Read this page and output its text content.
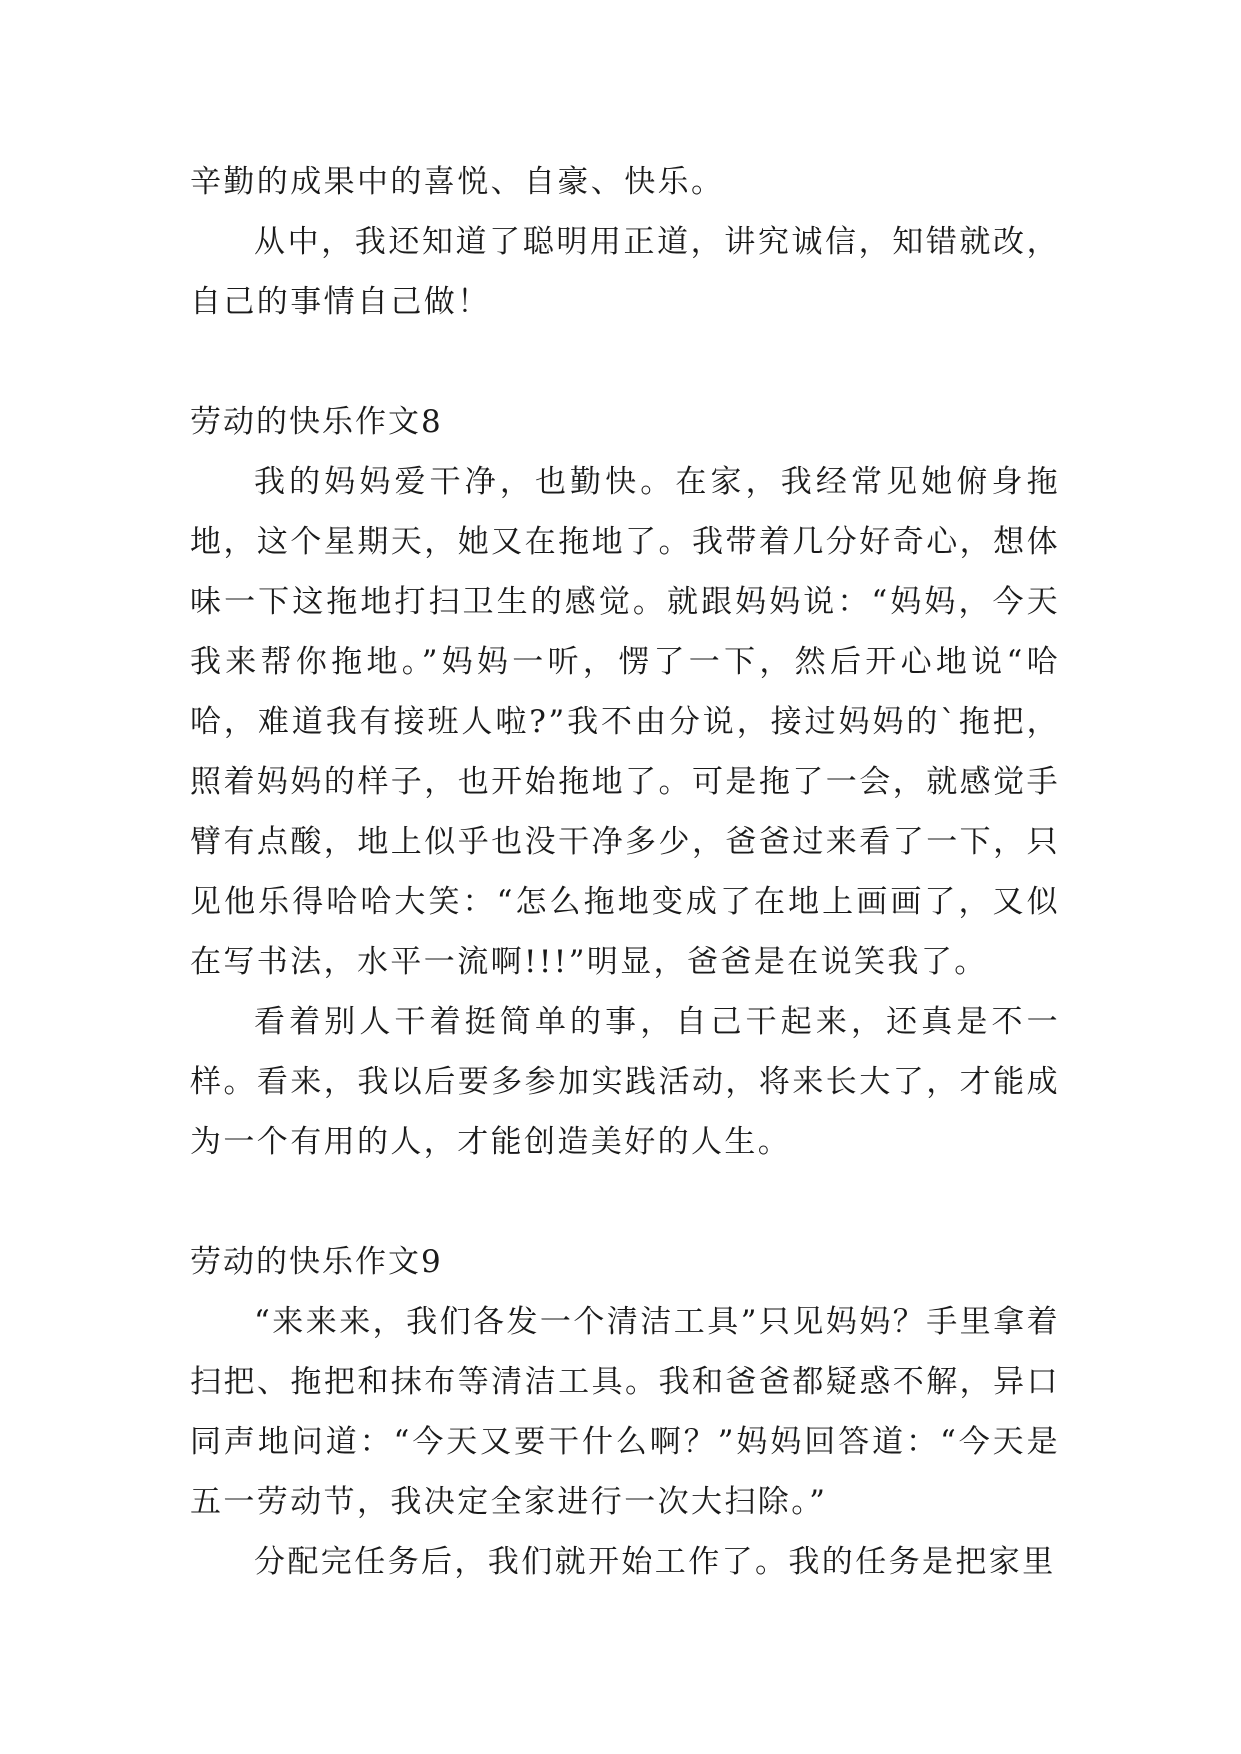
辛勤的成果中的喜悦、自豪、快乐。

从中，我还知道了聪明用正道，讲究诚信，知错就改，自己的事情自己做！

劳动的快乐作文8

我的妈妈爱干净，也勤快。在家，我经常见她俯身拖地，这个星期天，她又在拖地了。我带着几分好奇心，想体味一下这拖地打扫卫生的感觉。就跟妈妈说：“妈妈，今天我来帮你拖地。”妈妈一听，愣了一下，然后开心地说“哈哈，难道我有接班人啦?”我不由分说，接过妈妈的`拖把，照着妈妈的样子，也开始拖地了。可是拖了一会，就感觉手臂有点酸，地上似乎也没干净多少，爸爸过来看了一下，只见他乐得哈哈大笑：“怎么拖地变成了在地上画画了，又似在写书法，水平一流啊!!!”明显，爸爸是在说笑我了。

看着别人干着挺简单的事，自己干起来，还真是不一样。看来，我以后要多参加实践活动，将来长大了，才能成为一个有用的人，才能创造美好的人生。

劳动的快乐作文9

“来来来，我们各发一个清洁工具”只见妈妈？手里拿着扫把、拖把和抹布等清洁工具。我和爸爸都疑惑不解，异口同声地问道：“今天又要干什么啊？”妈妈回答道：“今天是五一劳动节，我决定全家进行一次大扫除。”

分配完任务后，我们就开始工作了。我的任务是把家里
